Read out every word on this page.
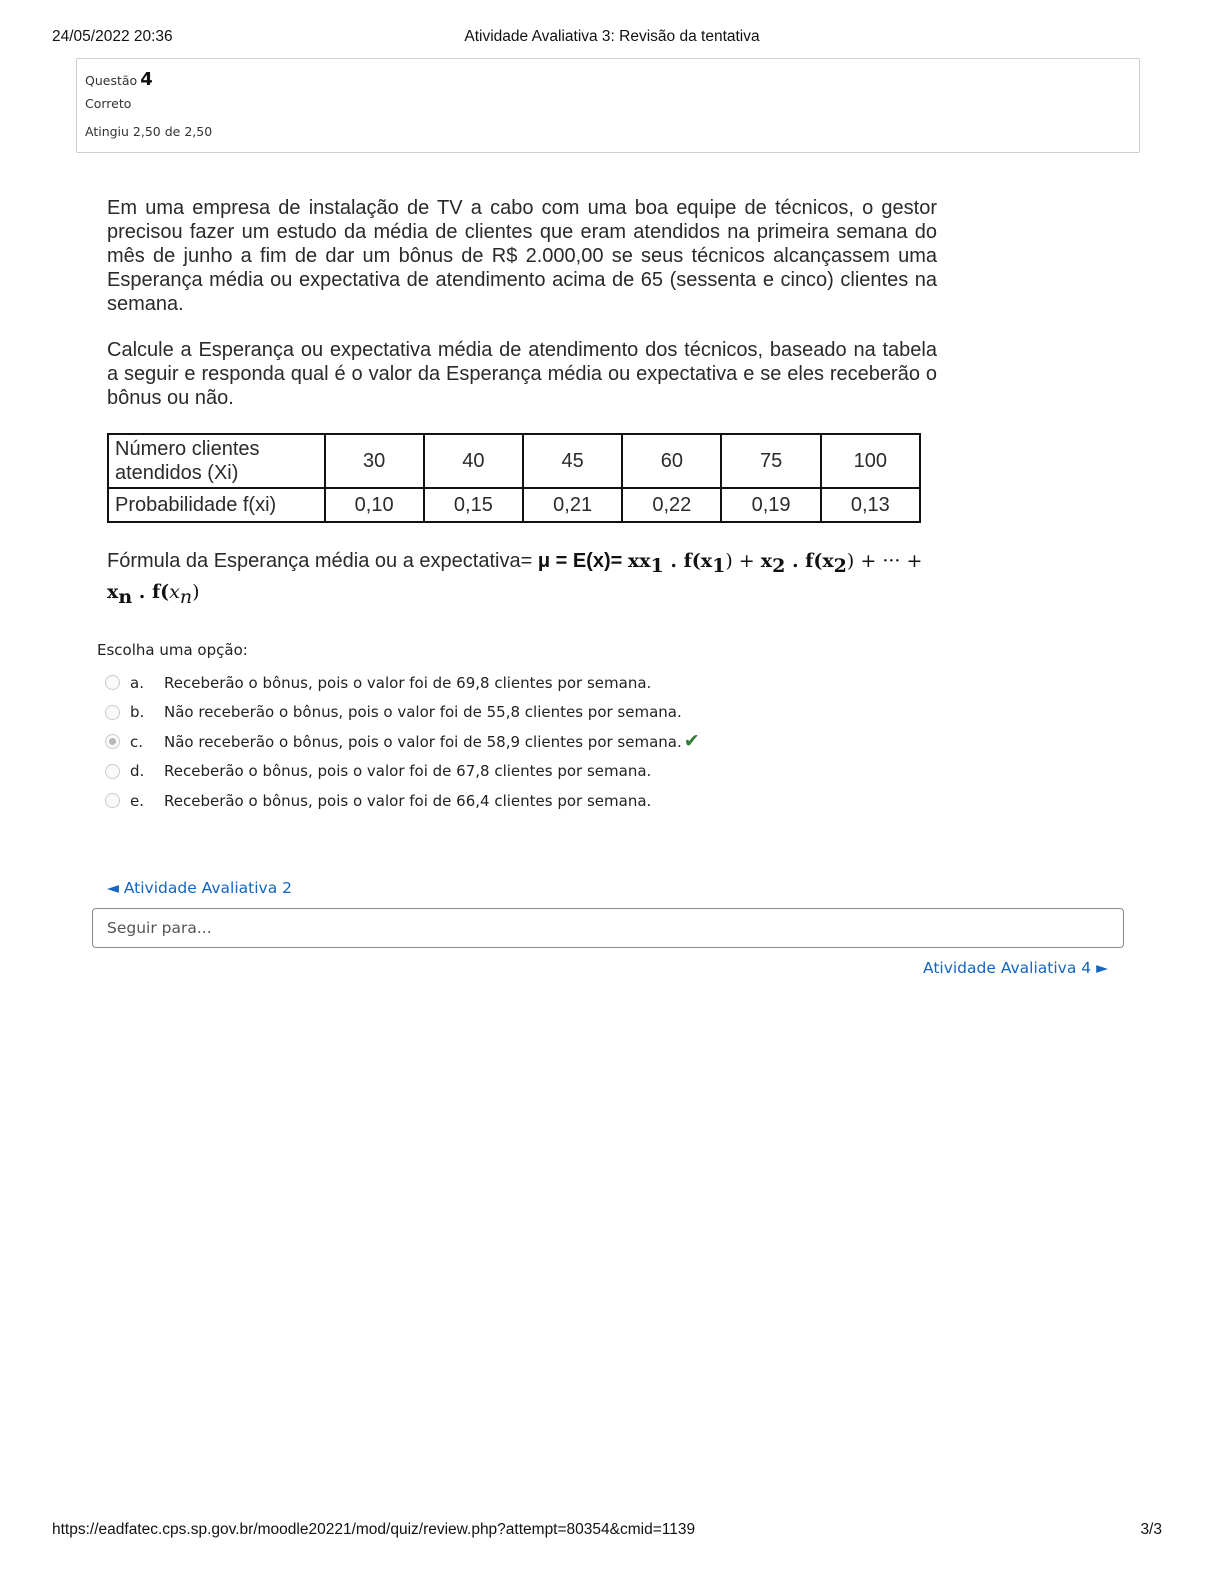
24/05/2022 20:36	Atividade Avaliativa 3: Revisão da tentativa
Questão 4
Correto
Atingiu 2,50 de 2,50

Em uma empresa de instalação de TV a cabo com uma boa equipe de técnicos, o gestor precisou fazer um estudo da média de clientes que eram atendidos na primeira semana do mês de junho a fim de dar um bônus de R$ 2.000,00 se seus técnicos alcançassem uma Esperança média ou expectativa de atendimento acima de 65 (sessenta e cinco) clientes na semana.

Calcule a Esperança ou expectativa média de atendimento dos técnicos, baseado na tabela a seguir e responda qual é o valor da Esperança média ou expectativa e se eles receberão o bônus ou não.

Número clientes atendidos (Xi)	30	40	45	60	75	100
Probabilidade f(xi)	0,10	0,15	0,21	0,22	0,19	0,13
Fórmula da Esperança média ou a expectativa= $\mu = E(x)= xx_1$ . $f(x_1) + x_2$ . $f(x_2)$ + ··· +
$x_n$ . $f(x_n)$
Escolha uma opção:
a.	Receberão o bônus, pois o valor foi de 69,8 clientes por semana.
b.	Não receberão o bônus, pois o valor foi de 55,8 clientes por semana.
c.	Não receberão o bônus, pois o valor foi de 58,9 clientes por semana. ✔
d.	Receberão o bônus, pois o valor foi de 67,8 clientes por semana.
e.	Receberão o bônus, pois o valor foi de 66,4 clientes por semana.
◄ Atividade Avaliativa 2
Seguir para...
Atividade Avaliativa 4 ►
https://eadfatec.cps.sp.gov.br/moodle20221/mod/quiz/review.php?attempt=80354&cmid=1139	3/3
